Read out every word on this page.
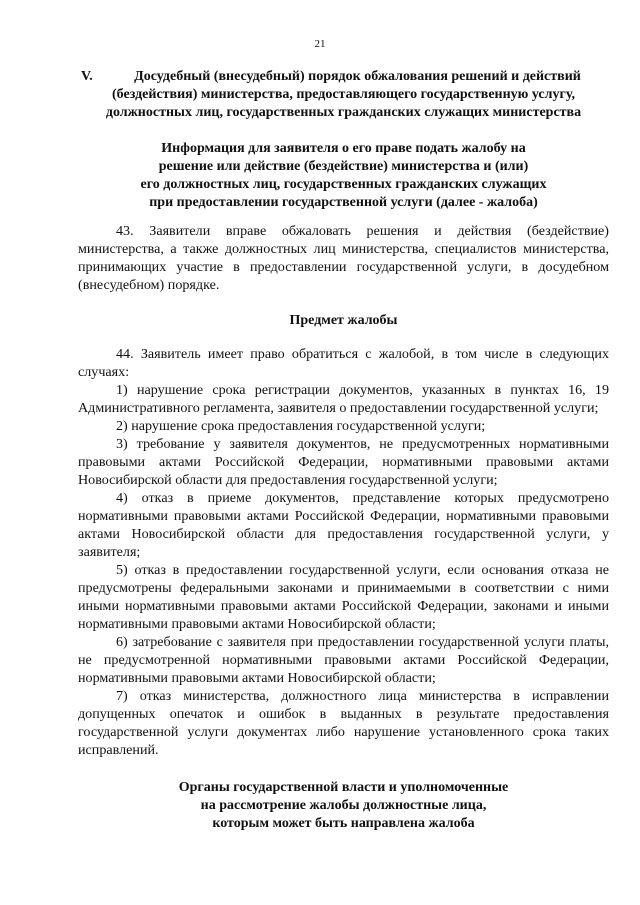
21
V.	Досудебный (внесудебный) порядок обжалования решений и действий
(бездействия) министерства, предоставляющего государственную услугу,
должностных лиц, государственных гражданских служащих министерства
Информация для заявителя о его праве подать жалобу на
решение или действие (бездействие) министерства и (или)
его должностных лиц, государственных гражданских служащих
при предоставлении государственной услуги (далее - жалоба)

43. Заявители вправе обжаловать решения и действия (бездействие) министерства, а также должностных лиц министерства, специалистов министерства, принимающих участие в предоставлении государственной услуги, в досудебном (внесудебном) порядке.

Предмет жалобы

44. Заявитель имеет право обратиться с жалобой, в том числе в следующих случаях:

1) нарушение срока регистрации документов, указанных в пунктах 16, 19 Административного регламента, заявителя о предоставлении государственной услуги;

2) нарушение срока предоставления государственной услуги;

3) требование у заявителя документов, не предусмотренных нормативными правовыми актами Российской Федерации, нормативными правовыми актами Новосибирской области для предоставления государственной услуги;

4) отказ в приеме документов, представление которых предусмотрено нормативными правовыми актами Российской Федерации, нормативными правовыми актами Новосибирской области для предоставления государственной услуги, у заявителя;

5) отказ в предоставлении государственной услуги, если основания отказа не предусмотрены федеральными законами и принимаемыми в соответствии с ними иными нормативными правовыми актами Российской Федерации, законами и иными нормативными правовыми актами Новосибирской области;

6) затребование с заявителя при предоставлении государственной услуги платы, не предусмотренной нормативными правовыми актами Российской Федерации, нормативными правовыми актами Новосибирской области;

7) отказ министерства, должностного лица министерства в исправлении допущенных опечаток и ошибок в выданных в результате предоставления государственной услуги документах либо нарушение установленного срока таких исправлений.

Органы государственной власти и уполномоченные
на рассмотрение жалобы должностные лица,
которым может быть направлена жалоба
